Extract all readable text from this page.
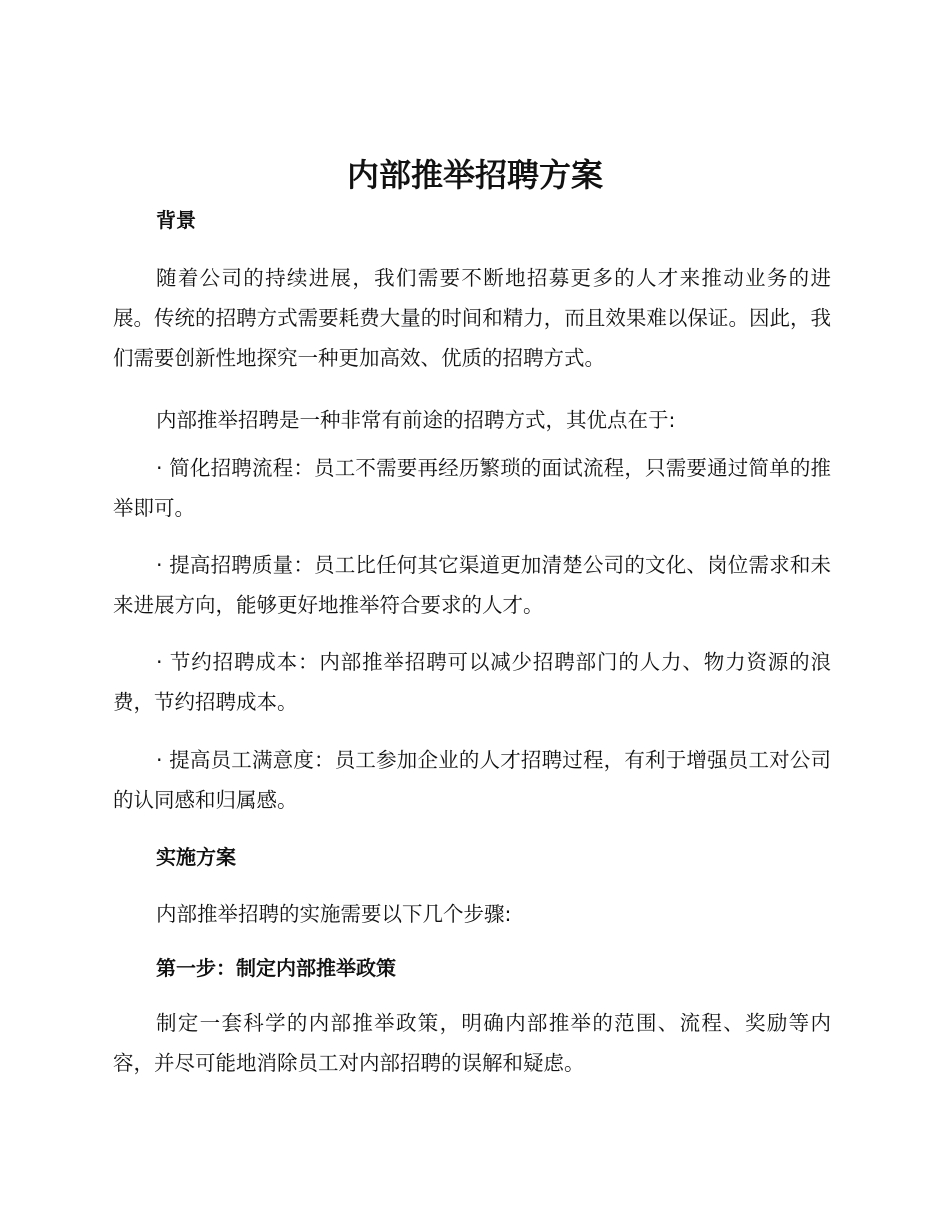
内部推举招聘方案
背景
随着公司的持续进展，我们需要不断地招募更多的人才来推动业务的进展。传统的招聘方式需要耗费大量的时间和精力，而且效果难以保证。因此，我们需要创新性地探究一种更加高效、优质的招聘方式。
内部推举招聘是一种非常有前途的招聘方式，其优点在于:
· 简化招聘流程：员工不需要再经历繁琐的面试流程，只需要通过简单的推举即可。
· 提高招聘质量：员工比任何其它渠道更加清楚公司的文化、岗位需求和未来进展方向，能够更好地推举符合要求的人才。
· 节约招聘成本：内部推举招聘可以减少招聘部门的人力、物力资源的浪费，节约招聘成本。
· 提高员工满意度：员工参加企业的人才招聘过程，有利于增强员工对公司的认同感和归属感。
实施方案
内部推举招聘的实施需要以下几个步骤:
第一步：制定内部推举政策
制定一套科学的内部推举政策，明确内部推举的范围、流程、奖励等内容，并尽可能地消除员工对内部招聘的误解和疑虑。
